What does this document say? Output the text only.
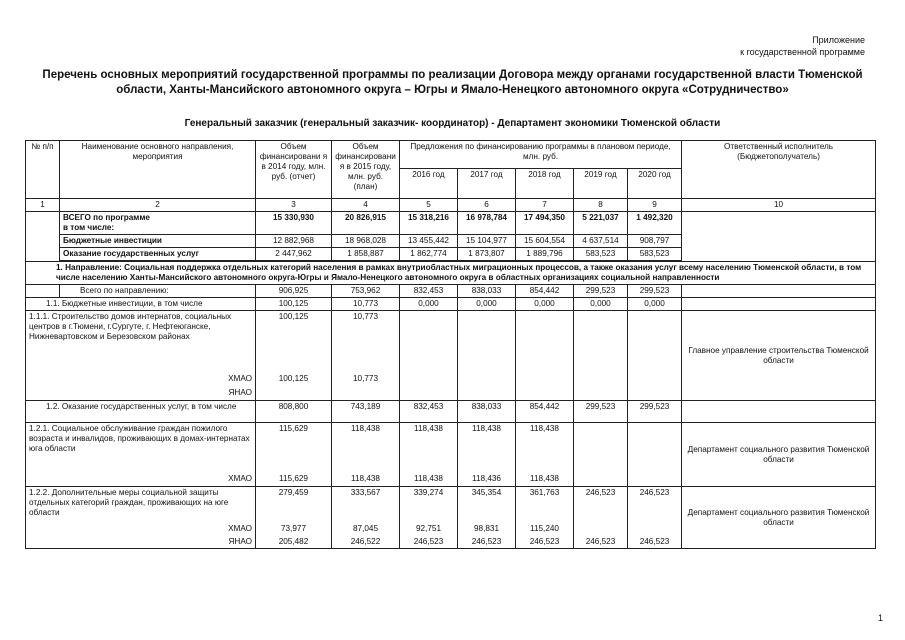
Приложение
к государственной программе
Перечень основных мероприятий государственной программы по реализации Договора между органами государственной власти Тюменской области, Ханты-Мансийского автономного округа – Югры и Ямало-Ненецкого автономного округа «Сотрудничество»
Генеральный заказчик (генеральный заказчик- координатор) - Департамент экономики Тюменской области
№ п/п	Наименование основного направления, мероприятия	Объем финансировани я в 2014 году, млн. руб. (отчет)	Объем финансировани я в 2015 году, млн. руб. (план)	Предложения по финансированию программы в плановом периоде, млн. руб.					Ответственный исполнитель (Бюджетополучатель)
				2016 год	2017 год	2018 год	2019 год	2020 год	
1	2	3	4	5	6	7	8	9	10

	ВСЕГО по программе
в том числе:	15 330,930	20 826,915	15 318,216	16 978,784	17 494,350	5 221,037	1 492,320	
	Бюджетные инвестиции	12 882,968	18 968,028	13 455,442	15 104,977	15 604,554	4 637,514	908,797	
	Оказание государственных услуг	2 447,962	1 858,887	1 862,774	1 873,807	1 889,796	583,523	583,523	

1. Направление: Социальная поддержка отдельных категорий населения в рамках внутриобластных миграционных процессов, а также оказания услуг всему населению Тюменской области, в том числе населению Ханты-Мансийского автономного округа-Югры и Ямало-Ненецкого автономного округа в областных организациях социальной направленности									
	Всего по направлению:	906,925	753,962	832,453	838,033	854,442	299,523	299,523	
1.1. Бюджетные инвестиции, в том числе		100,125	10,773	0,000	0,000	0,000	0,000	0,000	
1.1.1. Строительство домов интернатов, социальных центров в г.Тюмени, г.Сургуте, г. Нефтеюганске, Нижневартовском и Березовском районах		100,125	10,773						Главное управление строительства Тюменской области
ХМАО		100,125	10,773						
ЯНАО									
1.2. Оказание государственных услуг, в том числе		808,800	743,189	832,453	838,033	854,442	299,523	299,523	
1.2.1. Социальное обслуживание граждан пожилого возраста и инвалидов, проживающих в домах-интернатах юга области		115,629	118,438	118,438	118,438	118,438			Департамент социального развития Тюменской области
ХМАО		115,629	118,438	118,438	118,436	118,438			
1.2.2. Дополнительные меры социальной защиты отдельных категорий граждан, проживающих на юге области		279,459	333,567	339,274	345,354	361,763	246,523	246,523	Департамент социального развития Тюменской области
ХМАО		73,977	87,045	92,751	98,831	115,240			
ЯНАО		205,482	246,522	246,523	246,523	246,523	246,523	246,523	
1
